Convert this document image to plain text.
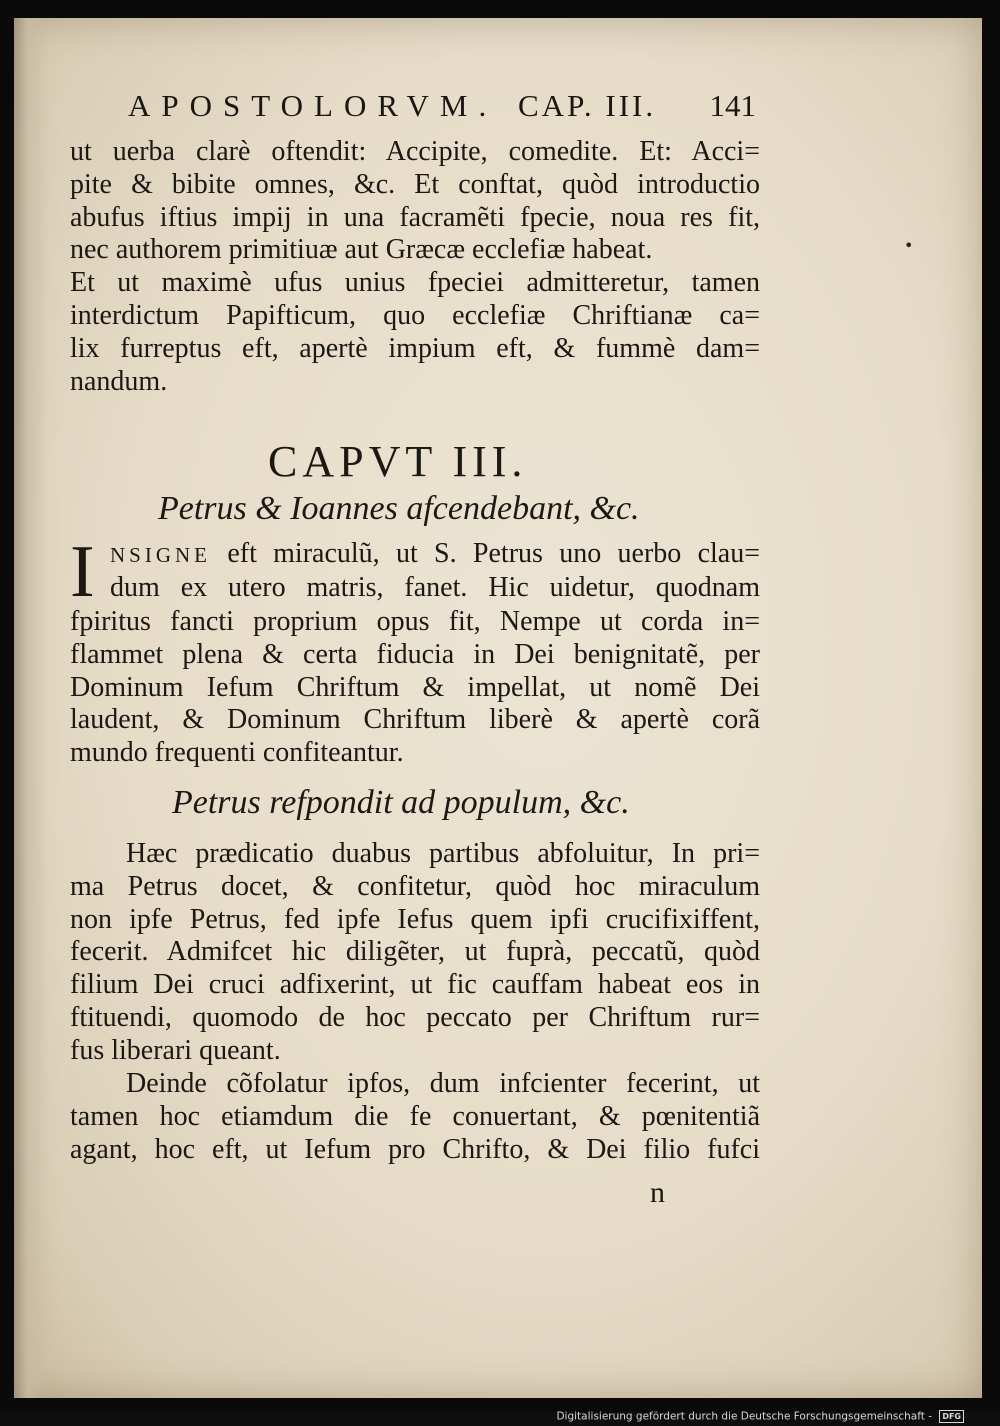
•
APOSTOLORVM. CAP. III. 141
ut uerba clarè oftendit: Accipite, comedite. Et: Acci=
pite & bibite omnes, &c. Et conftat, quòd introductio
abufus iftius impij in una facramẽti fpecie, noua res fit,
nec authorem primitiuæ aut Græcæ ecclefiæ habeat.
Et ut maximè ufus unius fpeciei admitteretur, tamen
interdictum Papifticum, quo ecclefiæ Chriftianæ ca=
lix furreptus eft, apertè impium eft, & fummè dam=
nandum.
CAPVT III.
Petrus & Ioannes afcendebant, &c.
I NSIGNE eft miraculũ, ut S. Petrus uno uerbo clau=
dum ex utero matris, fanet. Hic uidetur, quodnam
fpiritus fancti proprium opus fit, Nempe ut corda in=
flammet plena & certa fiducia in Dei benignitatẽ, per
Dominum Iefum Chriftum & impellat, ut nomẽ Dei
laudent, & Dominum Chriftum liberè & apertè corã
mundo frequenti confiteantur.
Petrus refpondit ad populum, &c.
Hæc prædicatio duabus partibus abfoluitur, In pri=
ma Petrus docet, & confitetur, quòd hoc miraculum
non ipfe Petrus, fed ipfe Iefus quem ipfi crucifixiffent,
fecerit. Admifcet hic diligẽter, ut fuprà, peccatũ, quòd
filium Dei cruci adfixerint, ut fic cauffam habeat eos in
ftituendi, quomodo de hoc peccato per Chriftum rur=
fus liberari queant.
Deinde cõfolatur ipfos, dum infcienter fecerint, ut
tamen hoc etiamdum die fe conuertant, & pœnitentiã
agant, hoc eft, ut Iefum pro Chrifto, & Dei filio fufci
n
Digitalisierung gefördert durch die Deutsche Forschungsgemeinschaft - DFG
